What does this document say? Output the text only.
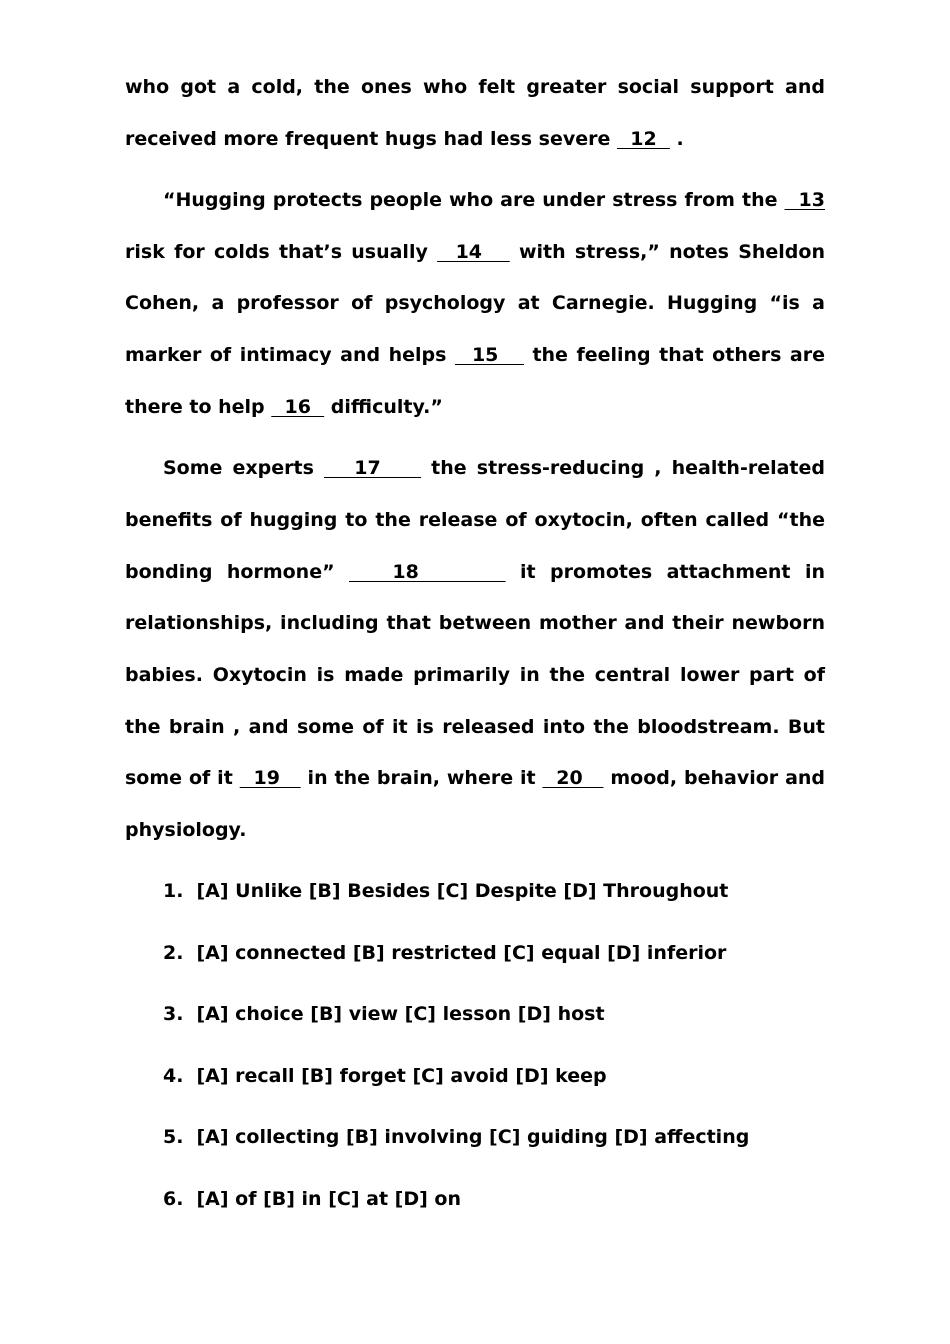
who got a cold, the ones who felt greater social support and

received more frequent hugs had less severe   12   .

“Hugging protects people who are under stress from the   13

risk for colds that’s usually   14    with stress,” notes Sheldon

Cohen, a professor of psychology at Carnegie. Hugging “is a

marker of intimacy and helps   15    the feeling that others are

there to help   16   difficulty.”

Some experts    17     the stress-reducing , health-related

benefits of hugging to the release of oxytocin, often called “the

bonding hormone”    18       it promotes attachment in

relationships, including that between mother and their newborn

babies. Oxytocin is made primarily in the central lower part of

the brain , and some of it is released into the bloodstream. But

some of it   19    in the brain, where it   20    mood, behavior and

physiology.

1. [A] Unlike [B] Besides [C] Despite [D] Throughout
2. [A] connected [B] restricted [C] equal [D] inferior
3. [A] choice [B] view [C] lesson [D] host
4. [A] recall [B] forget [C] avoid [D] keep
5. [A] collecting [B] involving [C] guiding [D] affecting
6. [A] of [B] in [C] at [D] on
